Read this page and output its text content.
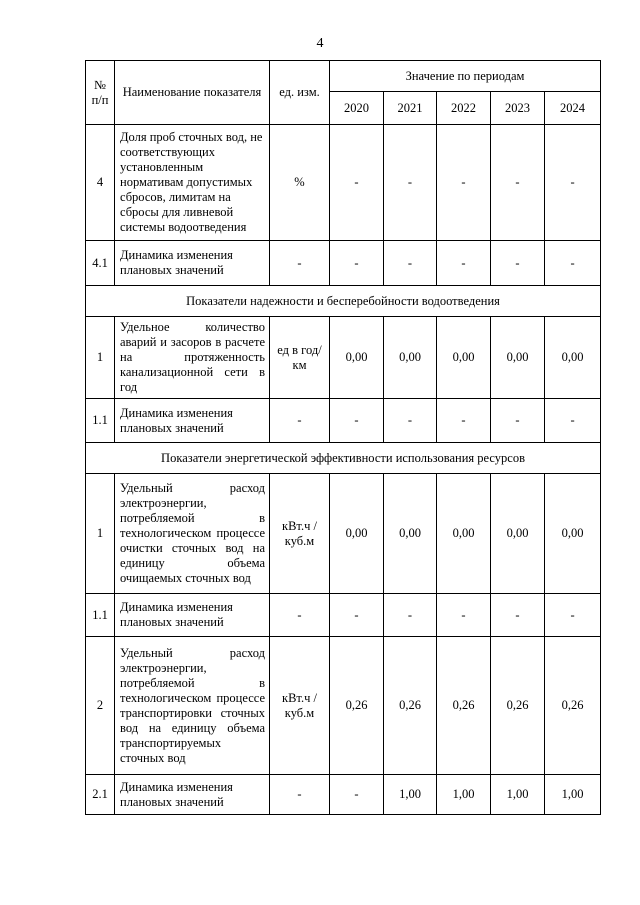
4
№ п/п	Наименование показателя	ед. изм.	Значение по периодам				
			2020	2021	2022	2023	2024
4	Доля проб сточных вод, не соответствующих установленным нормативам допустимых сбросов, лимитам на сбросы для ливневой системы водоотведения	%	-	-	-	-	-
4.1	Динамика изменения плановых значений	-	-	-	-	-	-
Показатели надежности и бесперебойности водоотведения							
1	Удельное количество аварий и засоров в расчете на протяженность канализационной сети в год	ед в год/ км	0,00	0,00	0,00	0,00	0,00
1.1	Динамика изменения плановых значений	-	-	-	-	-	-
Показатели энергетической эффективности использования ресурсов							
1	Удельный расход электроэнергии, потребляемой в технологическом процессе очистки сточных вод на единицу объема очищаемых сточных вод	кВт.ч / куб.м	0,00	0,00	0,00	0,00	0,00
1.1	Динамика изменения плановых значений	-	-	-	-	-	-
2	Удельный расход электроэнергии, потребляемой в технологическом процессе транспортировки сточных вод на единицу объема транспортируемых сточных вод	кВт.ч / куб.м	0,26	0,26	0,26	0,26	0,26
2.1	Динамика изменения плановых значений	-	-	1,00	1,00	1,00	1,00
